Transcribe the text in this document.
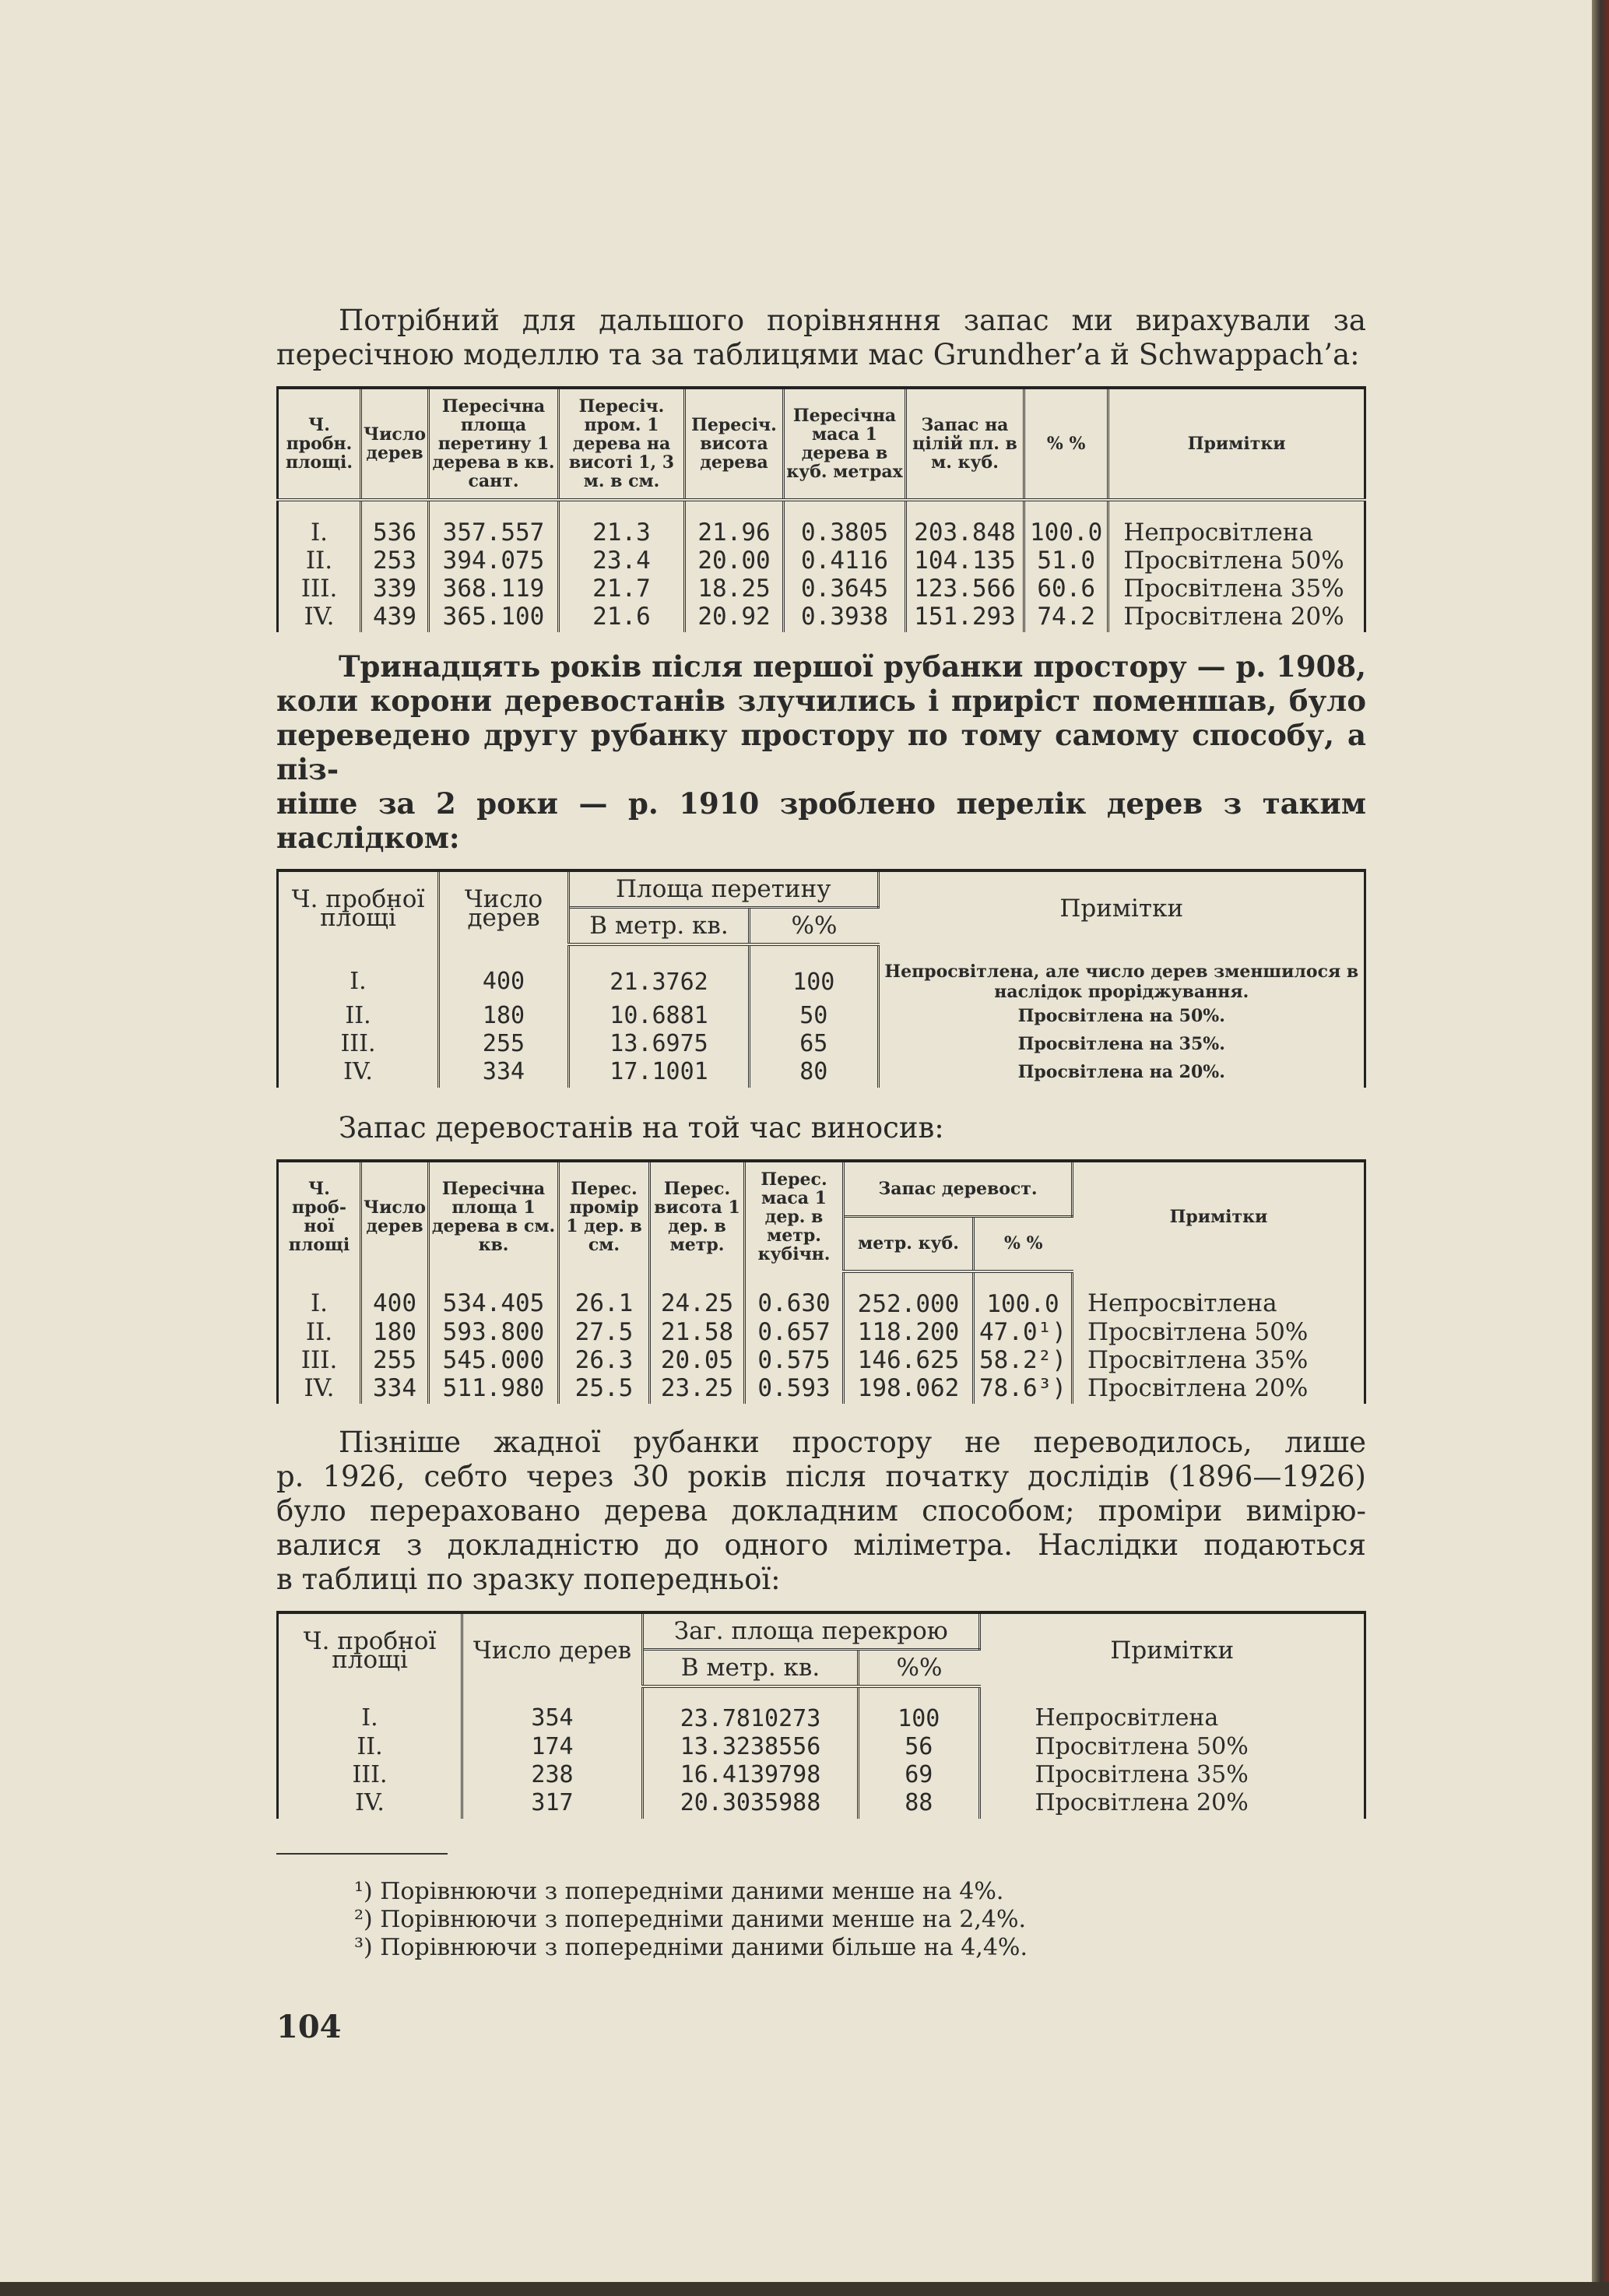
Потрібний для дальшого порівняння запас ми вирахували за

пересічною моделлю та за таблицями мас Grundher’а й Schwappach’а:

Ч. пробн. площі.	Число дерев	Пересічна площа перетину 1 дерева в кв. сант.	Пересіч. пром. 1 дерева на висоті 1, 3 м. в см.	Пересіч. висота дерева	Пересічна маса 1 дерева в куб. метрах	Запас на цілій пл. в м. куб.	% %	Примітки
I.	536	357.557	21.3	21.96	0.3805	203.848	100.0	Непросвітлена
II.	253	394.075	23.4	20.00	0.4116	104.135	51.0	Просвітлена 50%
III.	339	368.119	21.7	18.25	0.3645	123.566	60.6	Просвітлена 35%
IV.	439	365.100	21.6	20.92	0.3938	151.293	74.2	Просвітлена 20%

Тринадцять років після першої рубанки простору — р. 1908,

коли корони деревостанів злучились і приріст поменшав, було

переведено другу рубанку простору по тому самому способу, а піз-

ніше за 2 роки — р. 1910 зроблено перелік дерев з таким наслідком:

Ч. пробної площі	Число дерев	Площа перетину		Примітки
		В метр. кв.	%%	
I.	400	21.3762	100	Непросвітлена, але число дерев зменшилося в наслідок проріджування.
II.	180	10.6881	50	Просвітлена на 50%.
III.	255	13.6975	65	Просвітлена на 35%.
IV.	334	17.1001	80	Просвітлена на 20%.

Запас деревостанів на той час виносив:

Ч. проб-ної площі	Число дерев	Пересічна площа 1 дерева в см. кв.	Перес. промір 1 дер. в см.	Перес. висота 1 дер. в метр.	Перес. маса 1 дер. в метр. кубічн.	Запас деревост.		Примітки
						метр. куб.	% %	
I.	400	534.405	26.1	24.25	0.630	252.000	100.0	Непросвітлена
II.	180	593.800	27.5	21.58	0.657	118.200	47.0¹)	Просвітлена 50%
III.	255	545.000	26.3	20.05	0.575	146.625	58.2²)	Просвітлена 35%
IV.	334	511.980	25.5	23.25	0.593	198.062	78.6³)	Просвітлена 20%

Пізніше жадної рубанки простору не переводилось, лише

р. 1926, себто через 30 років після початку дослідів (1896—1926)

було перераховано дерева докладним способом; проміри вимірю-

валися з докладністю до одного міліметра. Наслідки подаються

в таблиці по зразку попередньої:

Ч. пробної площі	Число дерев	Заг. площа перекрою		Примітки
		В метр. кв.	%%	
I.	354	23.7810273	100	Непросвітлена
II.	174	13.3238556	56	Просвітлена 50%
III.	238	16.4139798	69	Просвітлена 35%
IV.	317	20.3035988	88	Просвітлена 20%
¹) Порівнюючи з попередніми даними менше на 4%.
²) Порівнюючи з попередніми даними менше на 2,4%.
³) Порівнюючи з попередніми даними більше на 4,4%.
104
